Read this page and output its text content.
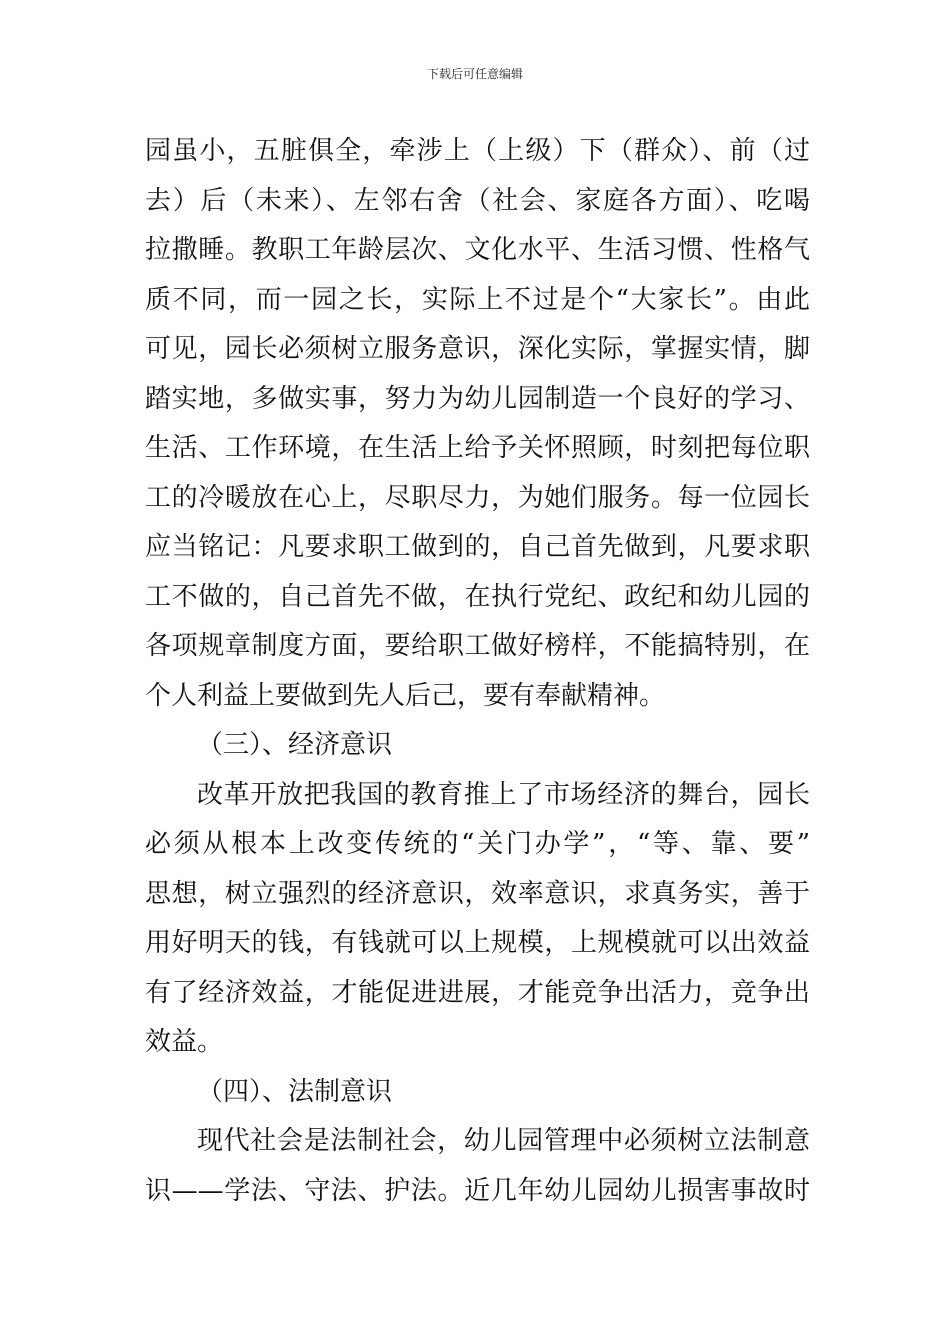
下载后可任意编辑
园虽小，五脏俱全，牵涉上（上级）下（群众）、前（过
去）后（未来）、左邻右舍（社会、家庭各方面）、吃喝
拉撒睡。教职工年龄层次、文化水平、生活习惯、性格气
质不同，而一园之长，实际上不过是个“大家长”。由此
可见，园长必须树立服务意识，深化实际，掌握实情，脚
踏实地，多做实事，努力为幼儿园制造一个良好的学习、
生活、工作环境，在生活上给予关怀照顾，时刻把每位职
工的冷暖放在心上，尽职尽力，为她们服务。每一位园长
应当铭记：凡要求职工做到的，自己首先做到，凡要求职
工不做的，自己首先不做，在执行党纪、政纪和幼儿园的
各项规章制度方面，要给职工做好榜样，不能搞特别，在
个人利益上要做到先人后己，要有奉献精神。
（三）、经济意识
改革开放把我国的教育推上了市场经济的舞台，园长
必须从根本上改变传统的“关门办学”，“等、靠、要”
思想，树立强烈的经济意识，效率意识，求真务实，善于
用好明天的钱，有钱就可以上规模，上规模就可以出效益
有了经济效益，才能促进进展，才能竞争出活力，竞争出
效益。
（四）、法制意识
现代社会是法制社会，幼儿园管理中必须树立法制意
识——学法、守法、护法。近几年幼儿园幼儿损害事故时
